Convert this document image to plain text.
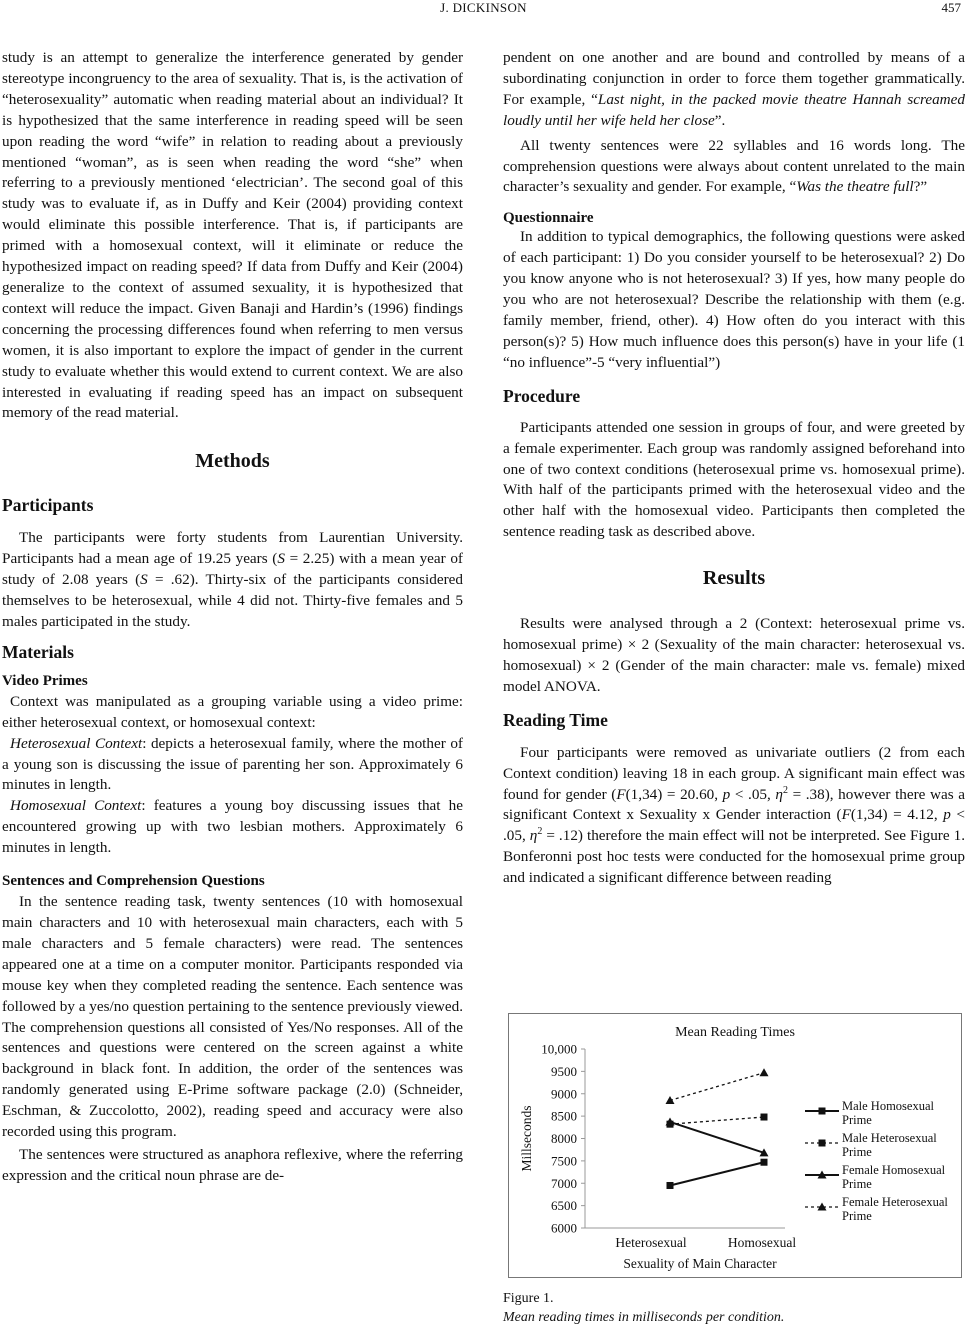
J. DICKINSON	457

study is an attempt to generalize the interference generated by gender stereotype incongruency to the area of sexuality. That is, is the activation of “heterosexuality” automatic when reading material about an individual? It is hypothesized that the same interference in reading speed will be seen upon reading the word “wife” in relation to reading about a previously mentioned “woman”, as is seen when reading the word “she” when referring to a previously mentioned ‘electrician’. The second goal of this study was to evaluate if, as in Duffy and Keir (2004) providing context would eliminate this possible interference. That is, if participants are primed with a homosexual context, will it eliminate or reduce the hypothesized impact on reading speed? If data from Duffy and Keir (2004) generalize to the context of assumed sexuality, it is hypothesized that context will reduce the impact. Given Banaji and Hardin’s (1996) findings concerning the processing differences found when referring to men versus women, it is also important to explore the impact of gender in the current study to evaluate whether this would extend to current context. We are also interested in evaluating if reading speed has an impact on subsequent memory of the read material.

Methods
Participants

The participants were forty students from Laurentian University. Participants had a mean age of 19.25 years (S = 2.25) with a mean year of study of 2.08 years (S = .62). Thirty-six of the participants considered themselves to be heterosexual, while 4 did not. Thirty-five females and 5 males participated in the study.

Materials
Video Primes

Context was manipulated as a grouping variable using a video prime: either heterosexual context, or homosexual context:

Heterosexual Context: depicts a heterosexual family, where the mother of a young son is discussing the issue of parenting her son. Approximately 6 minutes in length.

Homosexual Context: features a young boy discussing issues that he encountered growing up with two lesbian mothers. Approximately 6 minutes in length.

Sentences and Comprehension Questions

In the sentence reading task, twenty sentences (10 with homosexual main characters and 10 with heterosexual main characters, each with 5 male characters and 5 female characters) were read. The sentences appeared one at a time on a computer monitor. Participants responded via mouse key when they completed reading the sentence. Each sentence was followed by a yes/no question pertaining to the sentence previously viewed. The comprehension questions all consisted of Yes/No responses. All of the sentences and questions were centered on the screen against a white background in black font. In addition, the order of the sentences was randomly generated using E-Prime software package (2.0) (Schneider, Eschman, & Zuccolotto, 2002), reading speed and accuracy were also recorded using this program.

The sentences were structured as anaphora reflexive, where the referring expression and the critical noun phrase are de-

pendent on one another and are bound and controlled by means of a subordinating conjunction in order to force them together grammatically. For example, “Last night, in the packed movie theatre Hannah screamed loudly until her wife held her close”.

All twenty sentences were 22 syllables and 16 words long. The comprehension questions were always about content unrelated to the main character’s sexuality and gender. For example, “Was the theatre full?”

Questionnaire

In addition to typical demographics, the following questions were asked of each participant: 1) Do you consider yourself to be heterosexual? 2) Do you know anyone who is not heterosexual? 3) If yes, how many people do you who are not heterosexual? Describe the relationship with them (e.g. family member, friend, other). 4) How often do you interact with this person(s)? 5) How much influence does this person(s) have in your life (1 “no influence”-5 “very influential”)

Procedure

Participants attended one session in groups of four, and were greeted by a female experimenter. Each group was randomly assigned beforehand into one of two context conditions (heterosexual prime vs. homosexual prime). With half of the participants primed with the heterosexual video and the other half with the homosexual video. Participants then completed the sentence reading task as described above.

Results

Results were analysed through a 2 (Context: heterosexual prime vs. homosexual prime) × 2 (Sexuality of the main character: heterosexual vs. homosexual) × 2 (Gender of the main character: male vs. female) mixed model ANOVA.

Reading Time

Four participants were removed as univariate outliers (2 from each Context condition) leaving 18 in each group. A significant main effect was found for gender (F(1,34) = 20.60, p < .05, $\eta^2 = .38$), however there was a significant Context x Sexuality x Gender interaction (F(1,34) = 4.12, p < .05, $\eta^2 = .12$) therefore the main effect will not be interpreted. See Figure 1. Bonferonni post hoc tests were conducted for the homosexual prime group and indicated a significant difference between reading

Mean Reading Times
6000
6500
7000
7500
8000
8500
9000
9500
10,000
Heterosexual	Homosexual
Sexuality of Main Character
Millseconds	Male Homosexual
Prime
Male Heterosexual
Prime
Female Homosexual
Prime
Female Heterosexual
Prime
Figure 1.
Mean reading times in milliseconds per condition.
